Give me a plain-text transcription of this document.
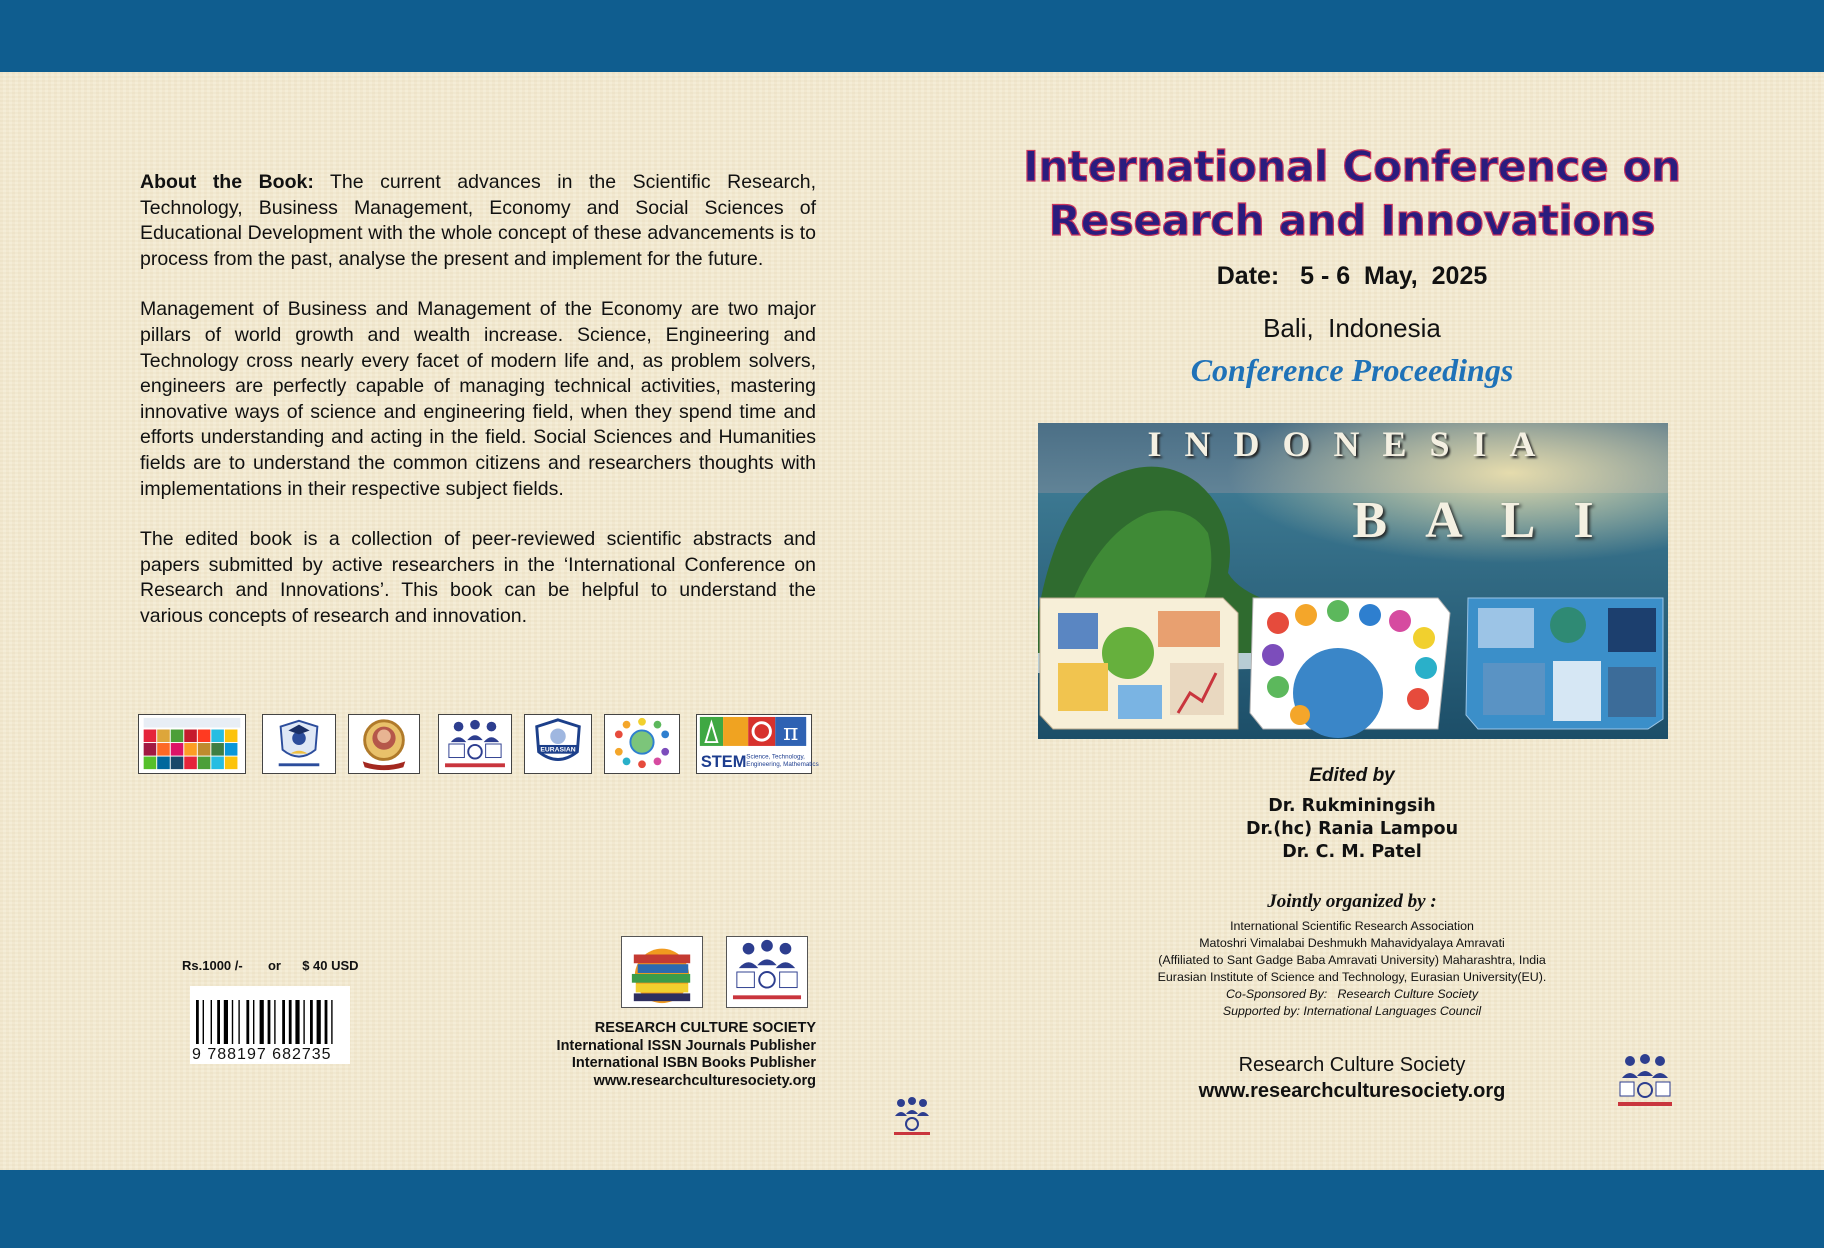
About the Book: The current advances in the Scientific Research, Technology, Business Management, Economy and Social Sciences of Educational Development with the whole concept of these advancements is to process from the past, analyse the present and implement for the future.

Management of Business and Management of the Economy are two major pillars of world growth and wealth increase. Science, Engineering and Technology cross nearly every facet of modern life and, as problem solvers, engineers are perfectly capable of managing technical activities, mastering innovative ways of science and engineering field, when they spend time and efforts understanding and acting in the field. Social Sciences and Humanities fields are to understand the common citizens and researchers thoughts with implementations in their respective subject fields.

The edited book is a collection of peer-reviewed scientific abstracts and papers submitted by active researchers in the ‘International Conference on Research and Innovations’. This book can be helpful to understand the various concepts of research and innovation.

EURASIAN
π
STEM Science, Technology, Engineering, Mathematics
Rs.1000 /- or $ 40 USD
9 788197 682735
RESEARCH CULTURE SOCIETY
International ISSN Journals Publisher
International ISBN Books Publisher
www.researchculturesociety.org
International Conference on
Research and Innovations
Date:   5 - 6  May,  2025
Bali,  Indonesia
Conference Proceedings
INDONESIA
BALI
Edited by
Dr. Rukminingsih
Dr.(hc) Rania Lampou
Dr. C. M. Patel
Jointly organized by :
International Scientific Research Association
Matoshri Vimalabai Deshmukh Mahavidyalaya Amravati
(Affiliated to Sant Gadge Baba Amravati University) Maharashtra, India
Eurasian Institute of Science and Technology, Eurasian University(EU).
Co-Sponsored By:   Research Culture Society
Supported by: International Languages Council
Research Culture Society
www.researchculturesociety.org
